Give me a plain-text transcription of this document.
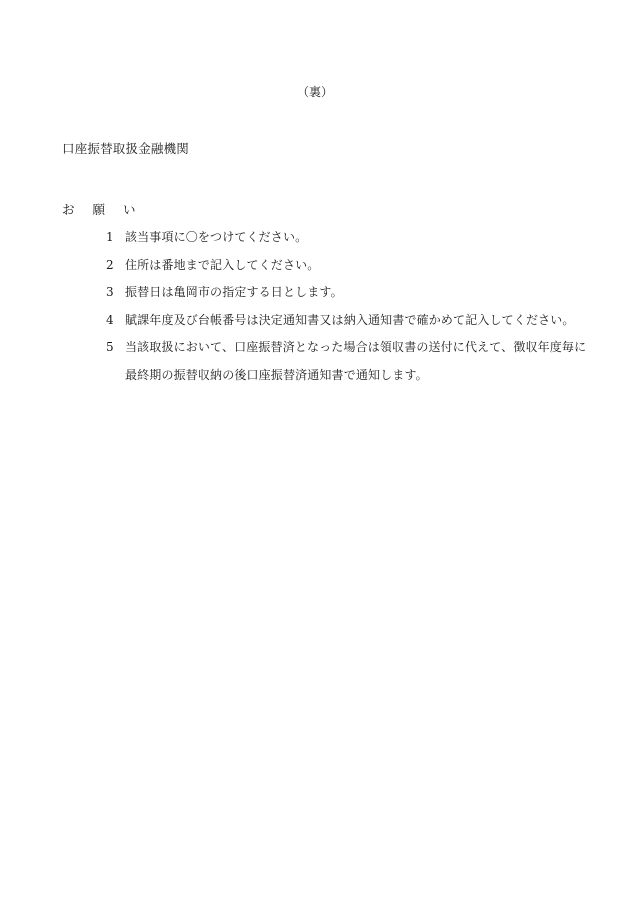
（裏）
口座振替取扱金融機関
お 願 い
1 該当事項に〇をつけてください。
2 住所は番地まで記入してください。
3 振替日は亀岡市の指定する日とします。
4 賦課年度及び台帳番号は決定通知書又は納入通知書で確かめて記入してください。
5 当該取扱において、口座振替済となった場合は領収書の送付に代えて、徴収年度毎に
最終期の振替収納の後口座振替済通知書で通知します。
